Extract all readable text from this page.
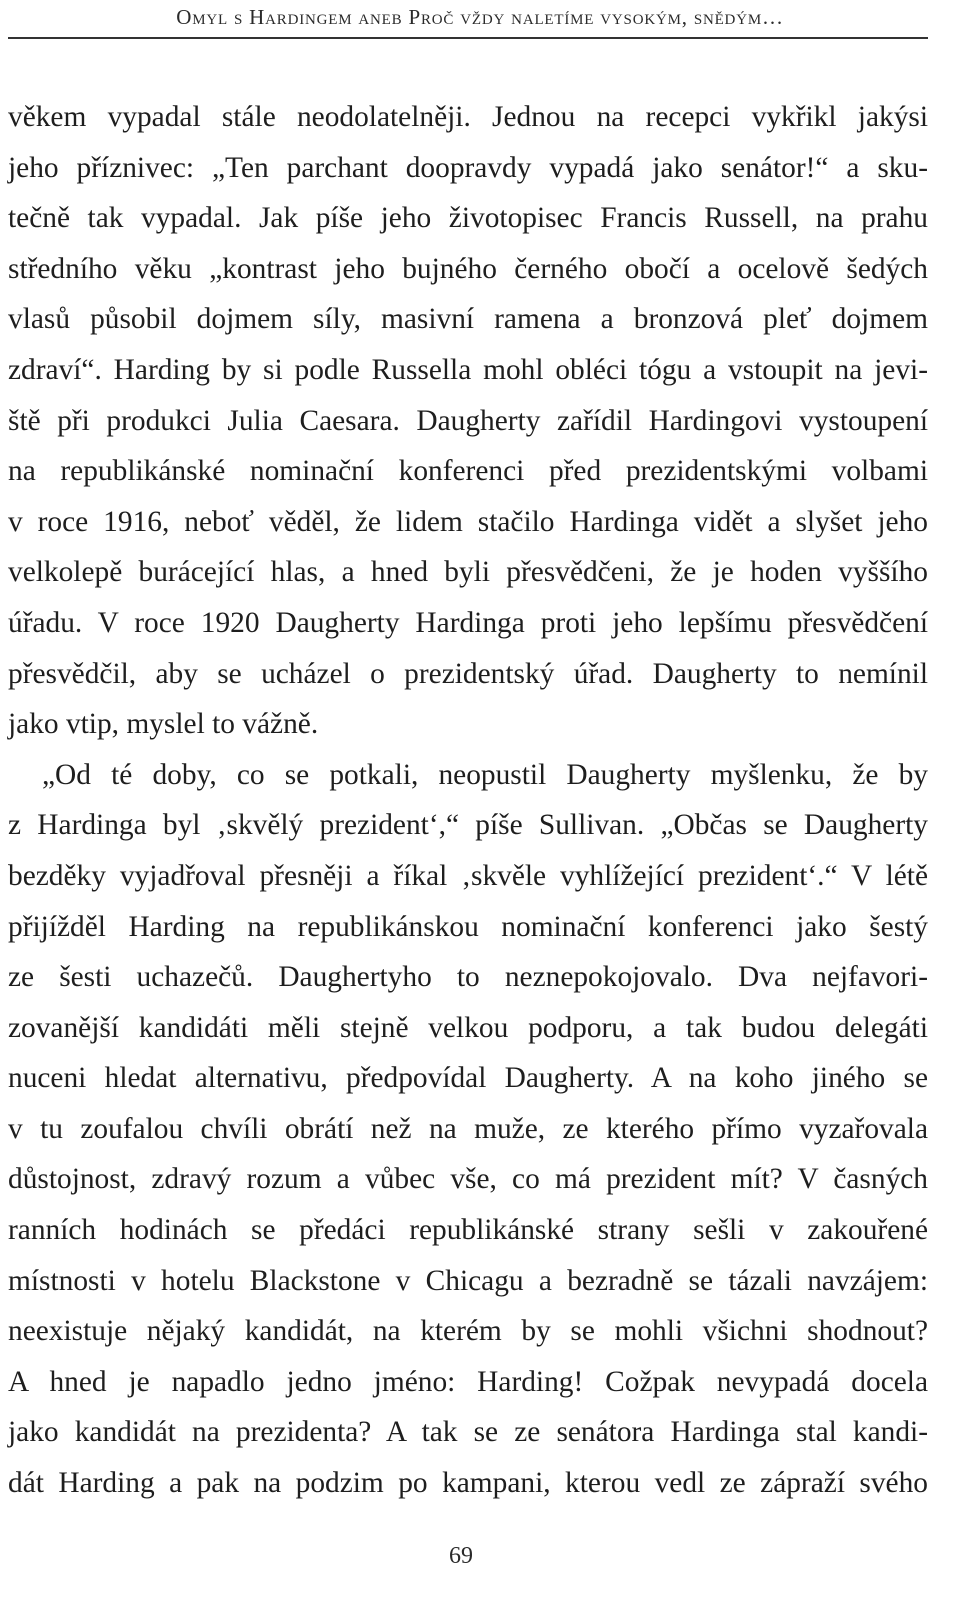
Omyl s Hardingem aneb Proč vždy naletíme vysokým, snědým…
věkem vypadal stále neodolatelněji. Jednou na recepci vykřikl jakýsi
jeho příznivec: „Ten parchant doopravdy vypadá jako senátor!“ a sku-
tečně tak vypadal. Jak píše jeho životopisec Francis Russell, na prahu
středního věku „kontrast jeho bujného černého obočí a ocelově šedých
vlasů působil dojmem síly, masivní ramena a bronzová pleť dojmem
zdraví“. Harding by si podle Russella mohl obléci tógu a vstoupit na jevi-
ště při produkci Julia Caesara. Daugherty zařídil Hardingovi vystoupení
na republikánské nominační konferenci před prezidentskými volbami
v roce 1916, neboť věděl, že lidem stačilo Hardinga vidět a slyšet jeho
velkolepě burácející hlas, a hned byli přesvědčeni, že je hoden vyššího
úřadu. V roce 1920 Daugherty Hardinga proti jeho lepšímu přesvědčení
přesvědčil, aby se ucházel o prezidentský úřad. Daugherty to nemínil
jako vtip, myslel to vážně.
„Od té doby, co se potkali, neopustil Daugherty myšlenku, že by
z Hardinga byl ‚skvělý prezident‘,“ píše Sullivan. „Občas se Daugherty
bezděky vyjadřoval přesněji a říkal ‚skvěle vyhlížející prezident‘.“ V létě
přijížděl Harding na republikánskou nominační konferenci jako šestý
ze šesti uchazečů. Daughertyho to neznepokojovalo. Dva nejfavori-
zovanější kandidáti měli stejně velkou podporu, a tak budou delegáti
nuceni hledat alternativu, předpovídal Daugherty. A na koho jiného se
v tu zoufalou chvíli obrátí než na muže, ze kterého přímo vyzařovala
důstojnost, zdravý rozum a vůbec vše, co má prezident mít? V časných
ranních hodinách se předáci republikánské strany sešli v zakouřené
místnosti v hotelu Blackstone v Chicagu a bezradně se tázali navzájem:
neexistuje nějaký kandidát, na kterém by se mohli všichni shodnout?
A hned je napadlo jedno jméno: Harding! Cožpak nevypadá docela
jako kandidát na prezidenta? A tak se ze senátora Hardinga stal kandi-
dát Harding a pak na podzim po kampani, kterou vedl ze zápraží svého
69
